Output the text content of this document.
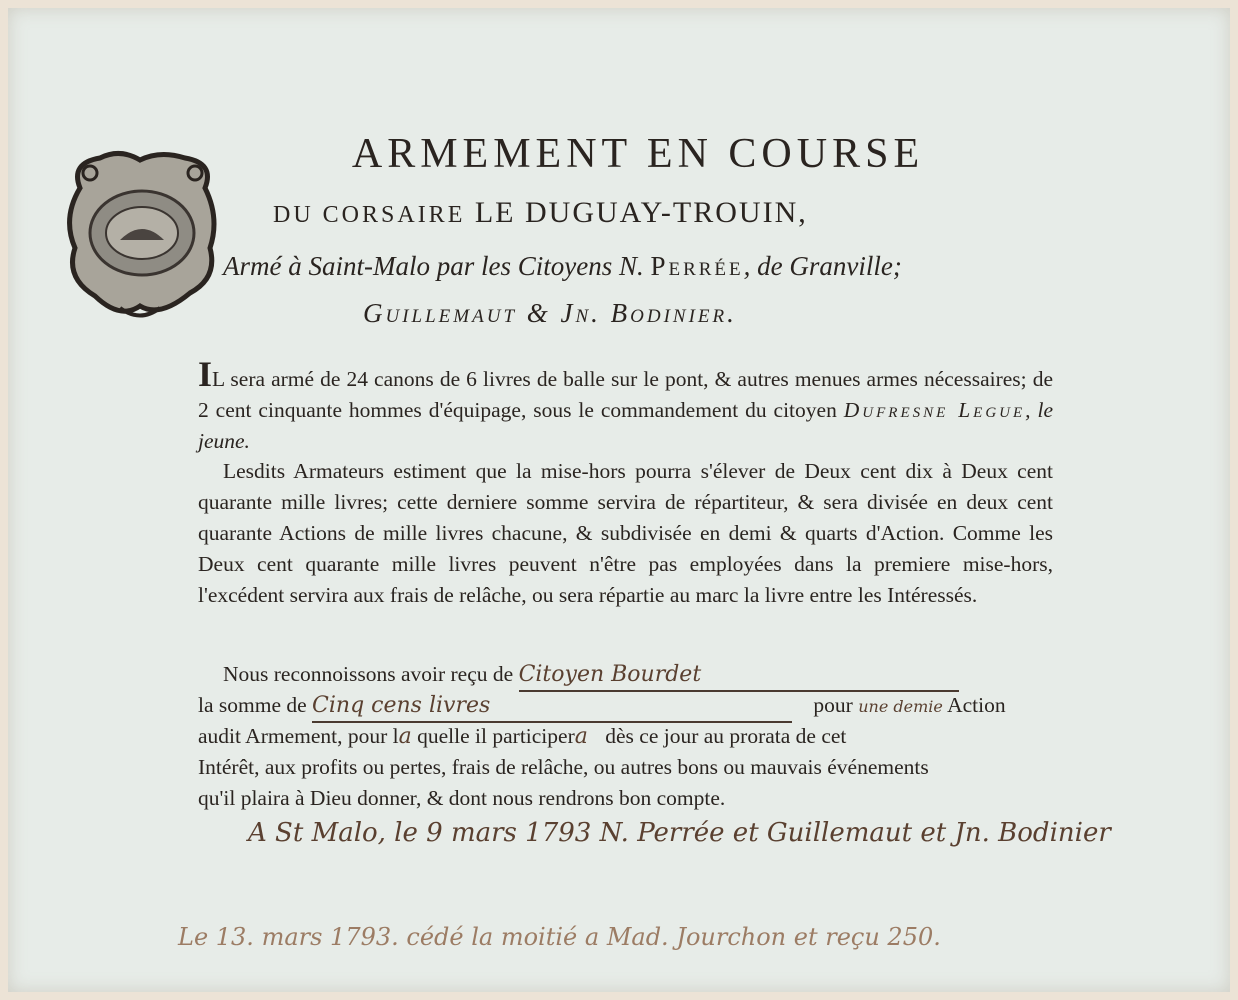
ARMEMENT EN COURSE

DU CORSAIRE LE DUGUAY-TROUIN,

Armé à Saint-Malo par les Citoyens N. Perrée, de Granville;

Guillemaut & Jn. Bodinier.

IL sera armé de 24 canons de 6 livres de balle sur le pont, & autres menues armes nécessaires; de 2 cent cinquante hommes d'équipage, sous le commandement du citoyen Dufresne Legue, le jeune.

Lesdits Armateurs estiment que la mise-hors pourra s'élever de Deux cent dix à Deux cent quarante mille livres; cette derniere somme servira de répartiteur, & sera divisée en deux cent quarante Actions de mille livres chacune, & subdivisée en demi & quarts d'Action. Comme les Deux cent quarante mille livres peuvent n'être pas employées dans la premiere mise-hors, l'excédent servira aux frais de relâche, ou sera répartie au marc la livre entre les Intéressés.

Nous reconnoissons avoir reçu de Citoyen Bourdet
la somme de Cinq cens livres	pour une demie Action
audit Armement, pour la quelle il participera dès ce jour au prorata de cet
Intérêt, aux profits ou pertes, frais de relâche, ou autres bons ou mauvais événements
qu'il plaira à Dieu donner, & dont nous rendrons bon compte.

A St Malo, le 9 mars 1793 N. Perrée et Guillemaut et Jn. Bodinier

Le 13. mars 1793. cédé la moitié a Mad. Jourchon et reçu 250.
